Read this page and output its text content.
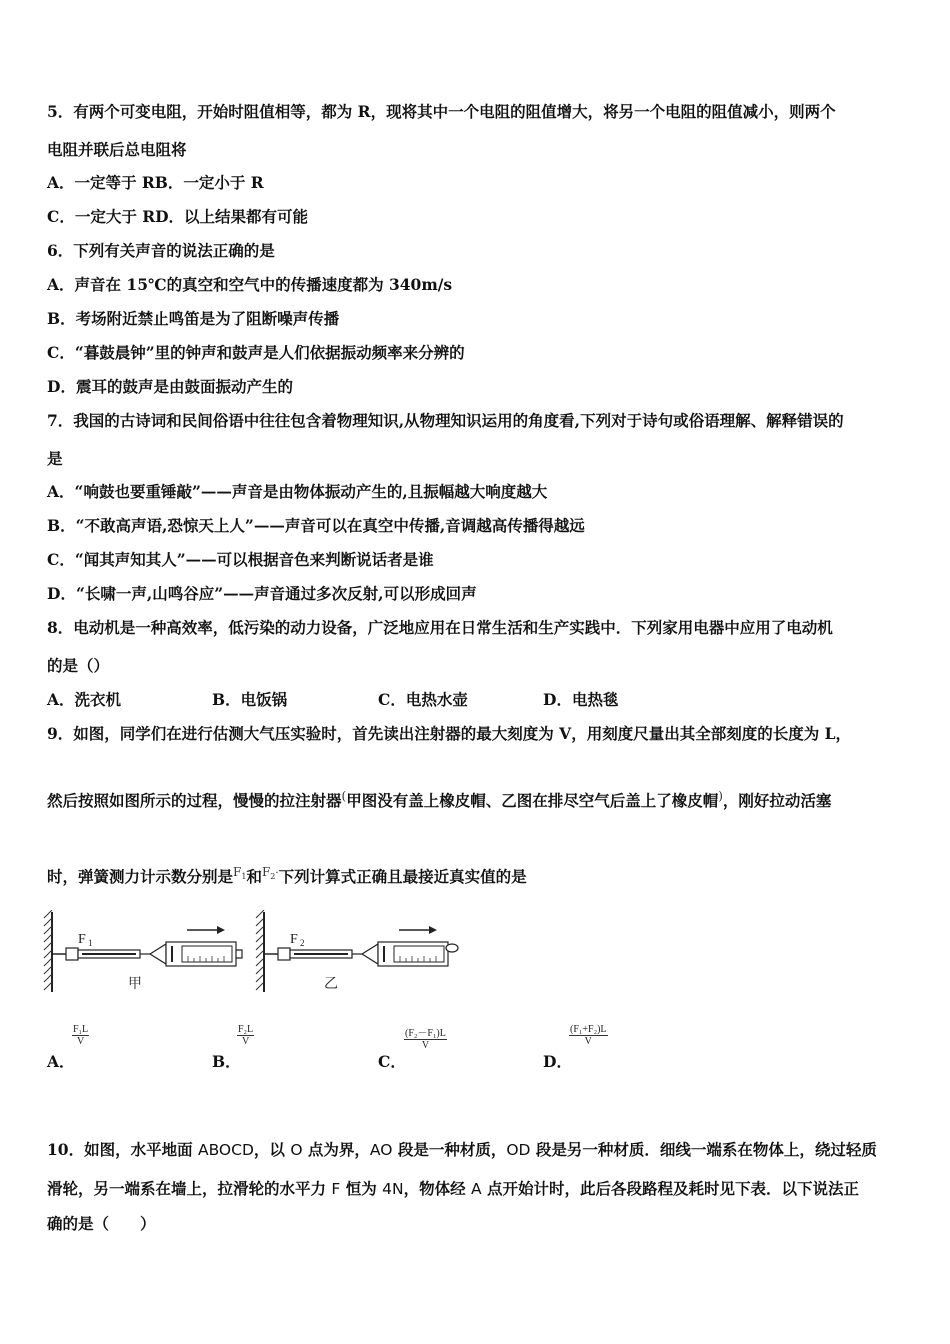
5．有两个可变电阻，开始时阻值相等，都为 R，现将其中一个电阻的阻值增大，将另一个电阻的阻值减小，则两个
电阻并联后总电阻将
A．一定等于 RB．一定小于 R
C．一定大于 RD．以上结果都有可能
6．下列有关声音的说法正确的是
A．声音在 15℃的真空和空气中的传播速度都为 340m/s
B．考场附近禁止鸣笛是为了阻断噪声传播
C．“暮鼓晨钟”里的钟声和鼓声是人们依据振动频率来分辨的
D．震耳的鼓声是由鼓面振动产生的
7．我国的古诗词和民间俗语中往往包含着物理知识,从物理知识运用的角度看,下列对于诗句或俗语理解、解释错误的
是
A．“响鼓也要重锤敲”——声音是由物体振动产生的,且振幅越大响度越大
B．“不敢高声语,恐惊天上人”——声音可以在真空中传播,音调越高传播得越远
C．“闻其声知其人”——可以根据音色来判断说话者是谁
D．“长啸一声,山鸣谷应”——声音通过多次反射,可以形成回声
8．电动机是一种高效率，低污染的动力设备，广泛地应用在日常生活和生产实践中．下列家用电器中应用了电动机
的是（）
A．洗衣机	B．电饭锅	C．电热水壶	D．电热毯
9．如图，同学们在进行估测大气压实验时，首先读出注射器的最大刻度为 V，用刻度尺量出其全部刻度的长度为 L，
然后按照如图所示的过程，慢慢的拉注射器(甲图没有盖上橡皮帽、乙图在排尽空气后盖上了橡皮帽)，刚好拉动活塞
时，弹簧测力计示数分别是$^{F1}$和$^{F2\cdot}$下列计算式正确且最接近真实值的是
F 1
甲
F 2
乙
A．
$\frac{\text{F₁L}}{V}$
B．
$\frac{\text{F₂L}}{V}$
C．
$\frac{\text{(F₂－F₁)L}}{V}$
D．
$\frac{\text{(F₁+F₂)L}}{V}$
10．如图，水平地面 ABOCD，以 O 点为界，AO 段是一种材质，OD 段是另一种材质．细线一端系在物体上，绕过轻质
滑轮，另一端系在墙上，拉滑轮的水平力 F 恒为 4N，物体经 A 点开始计时，此后各段路程及耗时见下表．以下说法正
确的是（　　）
